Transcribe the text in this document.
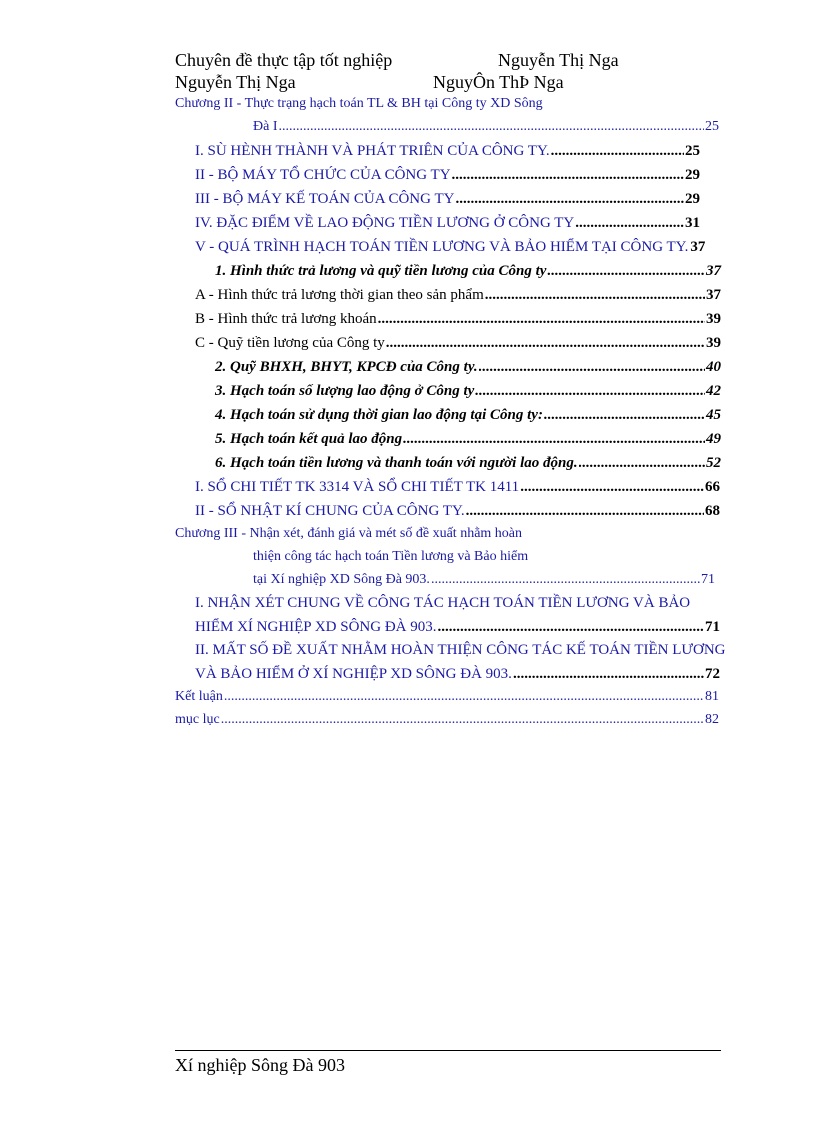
Chuyên đề thực tập tốt nghiệp	Nguyễn Thị Nga
Nguyễn Thị Nga	NguyÔn ThÞ Nga
Chương II - Thực trạng hạch toán TL & BH tại Công ty XD Sông
Đà I .....	25
I. SÙ HÈNH THÀNH VÀ PHÁT TRIÊN CỦA CÔNG TY. .....	25
II - BỘ MÁY TỔ CHỨC CỦA CÔNG TY .....	29
III - BỘ MÁY KẾ TOÁN CỦA CÔNG TY .....	29
IV. ĐẶC ĐIỂM VỀ LAO ĐỘNG TIỀN LƯƠNG Ở CÔNG TY .....	31
V - QUÁ TRÌNH HẠCH TOÁN TIỀN LƯƠNG VÀ BẢO HIỂM TẠI CÔNG TY. 37
1. Hình thức trả lương và quỹ tiền lương của Công ty .....	37
A - Hình thức trả lương thời gian theo sản phẩm .....	37
B - Hình thức trả lương khoán .....	39
C - Quỹ tiền lương của Công ty .....	39
2. Quỹ BHXH, BHYT, KPCĐ của Công ty. .....	40
3. Hạch toán số lượng lao động ở Công ty .....	42
4. Hạch toán sử dụng thời gian lao động tại Công ty: .....	45
5. Hạch toán kết quả lao động .....	49
6. Hạch toán tiền lương và thanh toán với người lao động. .....	52
I. SỔ CHI TIẾT TK 3314 VÀ SỔ CHI TIẾT TK 1411 .....	66
II - SỔ NHẬT KÍ CHUNG CỦA CÔNG TY. .....	68
Chương III - Nhận xét, đánh giá và mét số đề xuất nhằm hoàn
thiện công tác hạch toán Tiền lương và Bảo hiểm
tại Xí nghiệp XD Sông Đà 903. .....	71
I. NHẬN XÉT CHUNG VỀ CÔNG TÁC HẠCH TOÁN TIỀN LƯƠNG VÀ BẢO
HIỂM XÍ NGHIỆP XD SÔNG ĐÀ 903. .....	71
II. MẤT SỐ ĐỀ XUẤT NHẰM HOÀN THIỆN CÔNG TÁC KẾ TOÁN TIỀN LƯƠNG
VÀ BẢO HIỂM Ở XÍ NGHIỆP XD SÔNG ĐÀ 903. .....	72
Kết luận .....	81
mục lục .....	82
Xí nghiệp Sông Đà 903
